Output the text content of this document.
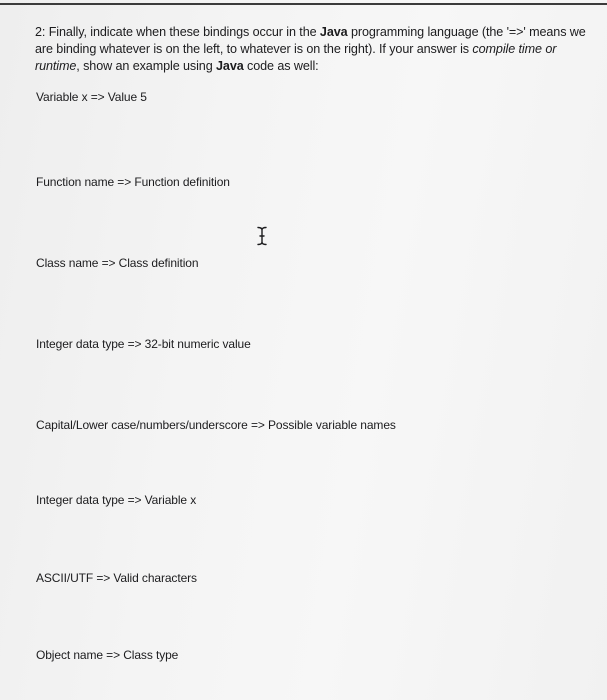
2: Finally, indicate when these bindings occur in the Java programming language (the '=>' means we are binding whatever is on the left, to whatever is on the right). If your answer is compile time or
runtime, show an example using Java code as well:
Variable x => Value 5
Function name => Function definition
Class name => Class definition
Integer data type => 32-bit numeric value
Capital/Lower case/numbers/underscore => Possible variable names
Integer data type => Variable x
ASCII/UTF => Valid characters
Object name => Class type
